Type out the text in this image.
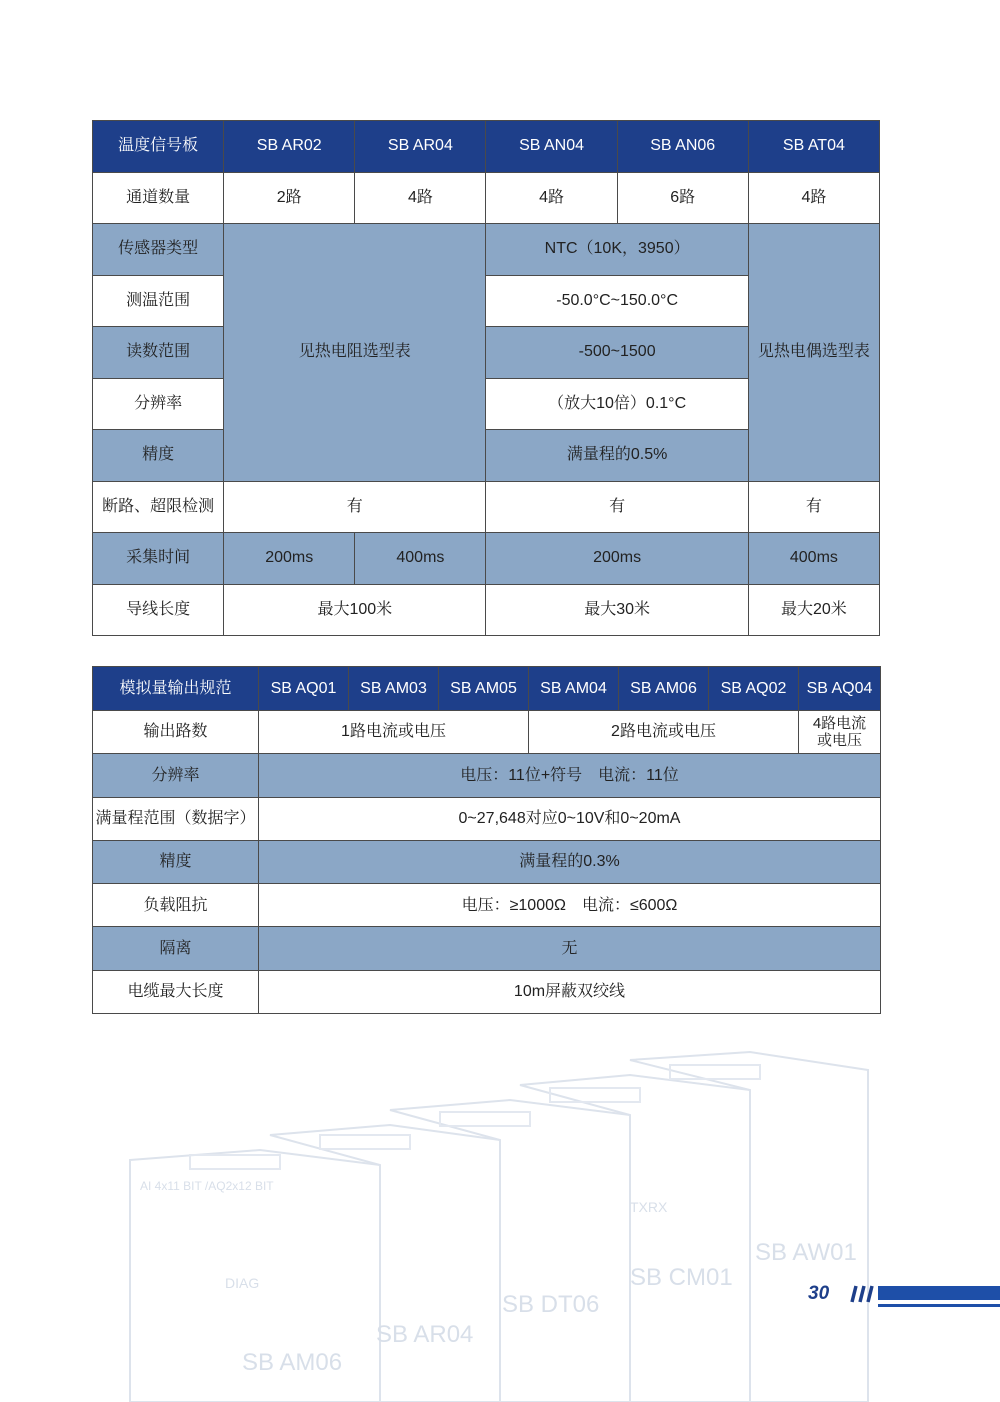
温度信号板	SB AR02	SB AR04	SB AN04	SB AN06	SB AT04
通道数量	2路	4路	4路	6路	4路
传感器类型	见热电阻选型表		NTC（10K，3950）		见热电偶选型表
测温范围			-50.0°C~150.0°C		
读数范围			-500~1500		
分辨率			（放大10倍）0.1°C		
精度			满量程的0.5%		
断路、超限检测	有		有		有
采集时间	200ms	400ms	200ms		400ms
导线长度	最大100米		最大30米		最大20米
模拟量输出规范	SB AQ01	SB AM03	SB AM05	SB AM04	SB AM06	SB AQ02	SB AQ04
输出路数	1路电流或电压			2路电流或电压			4路电流
或电压

分辨率	电压：11位+符号　电流：11位						
满量程范围（数据字）	0~27,648对应0~10V和0~20mA						
精度	满量程的0.3%						
负载阻抗	电压：≥1000Ω　电流：≤600Ω						
隔离	无						
电缆最大长度	10m屏蔽双绞线						
AI 4x11 BIT /AQ2x12 BIT
DIAG
TXRX
SB AM06
SB AR04
SB DT06
SB CM01
SB AW01
30
